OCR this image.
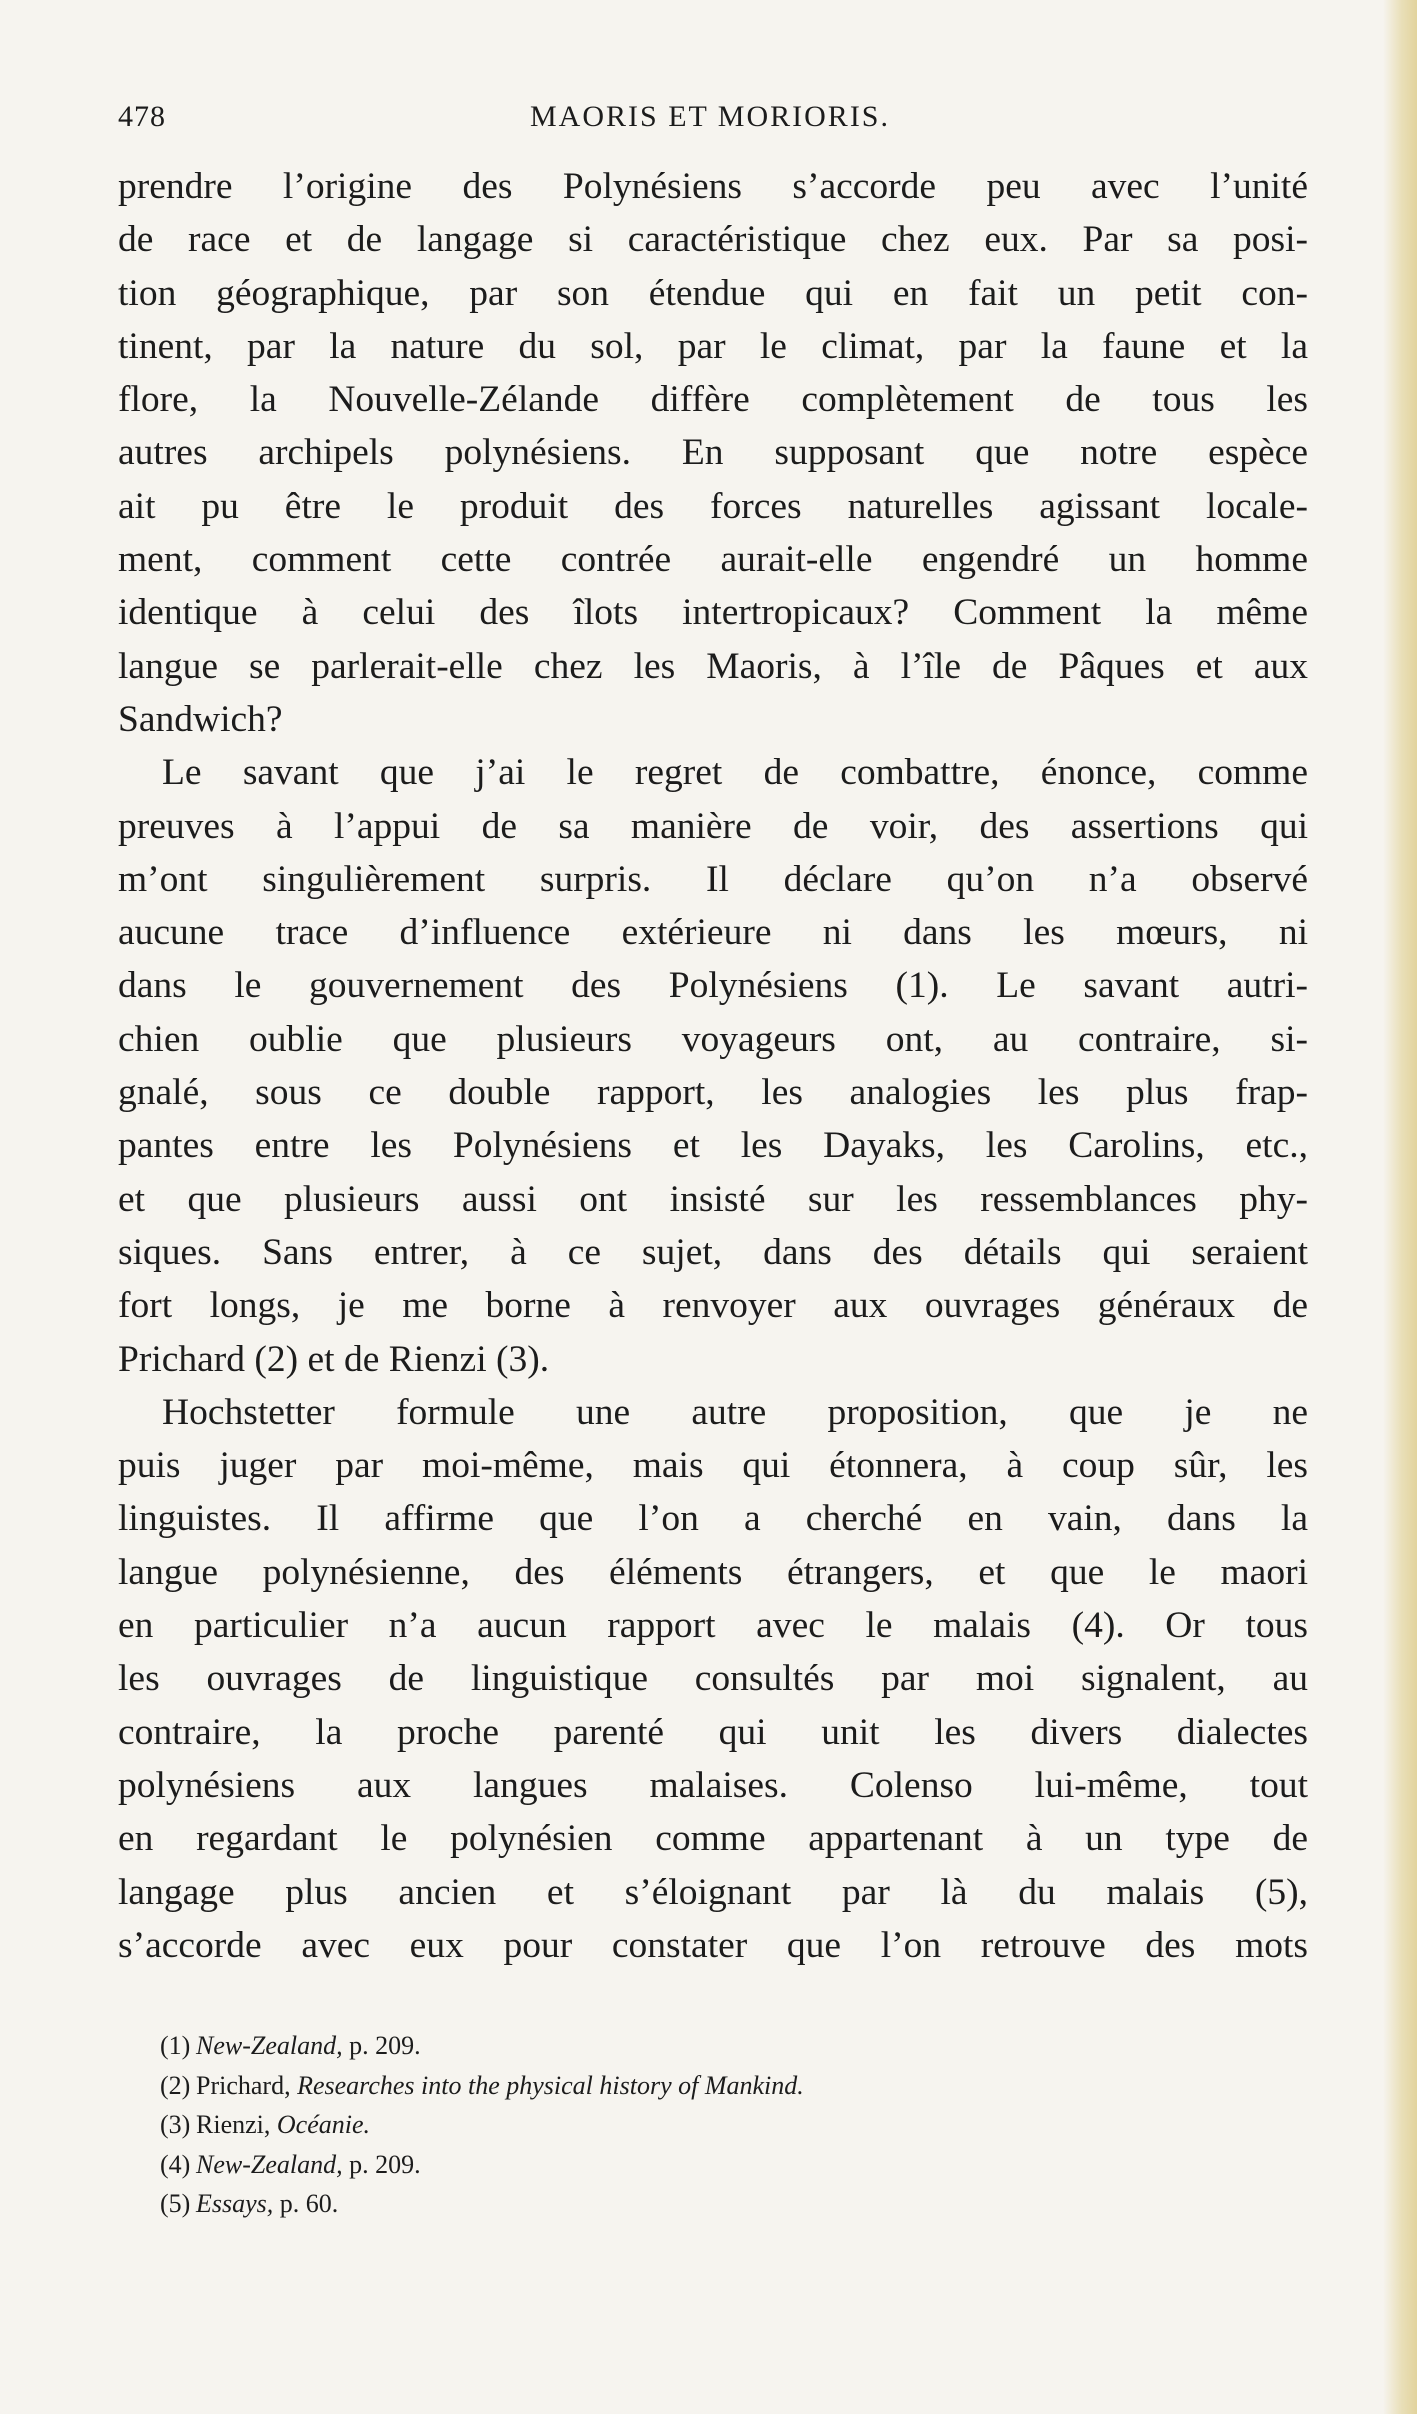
478	MAORIS ET MORIORIS.
prendre l’origine des Polynésiens s’accorde peu avec l’unité
de race et de langage si caractéristique chez eux. Par sa posi-
tion géographique, par son étendue qui en fait un petit con-
tinent, par la nature du sol, par le climat, par la faune et la
flore, la Nouvelle-Zélande diffère complètement de tous les
autres archipels polynésiens. En supposant que notre espèce
ait pu être le produit des forces naturelles agissant locale-
ment, comment cette contrée aurait-elle engendré un homme
identique à celui des îlots intertropicaux? Comment la même
langue se parlerait-elle chez les Maoris, à l’île de Pâques et aux
Sandwich?
Le savant que j’ai le regret de combattre, énonce, comme
preuves à l’appui de sa manière de voir, des assertions qui
m’ont singulièrement surpris. Il déclare qu’on n’a observé
aucune trace d’influence extérieure ni dans les mœurs, ni
dans le gouvernement des Polynésiens (1). Le savant autri-
chien oublie que plusieurs voyageurs ont, au contraire, si-
gnalé, sous ce double rapport, les analogies les plus frap-
pantes entre les Polynésiens et les Dayaks, les Carolins, etc.,
et que plusieurs aussi ont insisté sur les ressemblances phy-
siques. Sans entrer, à ce sujet, dans des détails qui seraient
fort longs, je me borne à renvoyer aux ouvrages généraux de
Prichard (2) et de Rienzi (3).
Hochstetter formule une autre proposition, que je ne
puis juger par moi-même, mais qui étonnera, à coup sûr, les
linguistes. Il affirme que l’on a cherché en vain, dans la
langue polynésienne, des éléments étrangers, et que le maori
en particulier n’a aucun rapport avec le malais (4). Or tous
les ouvrages de linguistique consultés par moi signalent, au
contraire, la proche parenté qui unit les divers dialectes
polynésiens aux langues malaises. Colenso lui-même, tout
en regardant le polynésien comme appartenant à un type de
langage plus ancien et s’éloignant par là du malais (5),
s’accorde avec eux pour constater que l’on retrouve des mots
(1) New-Zealand, p. 209.
(2) Prichard, Researches into the physical history of Mankind.
(3) Rienzi, Océanie.
(4) New-Zealand, p. 209.
(5) Essays, p. 60.
